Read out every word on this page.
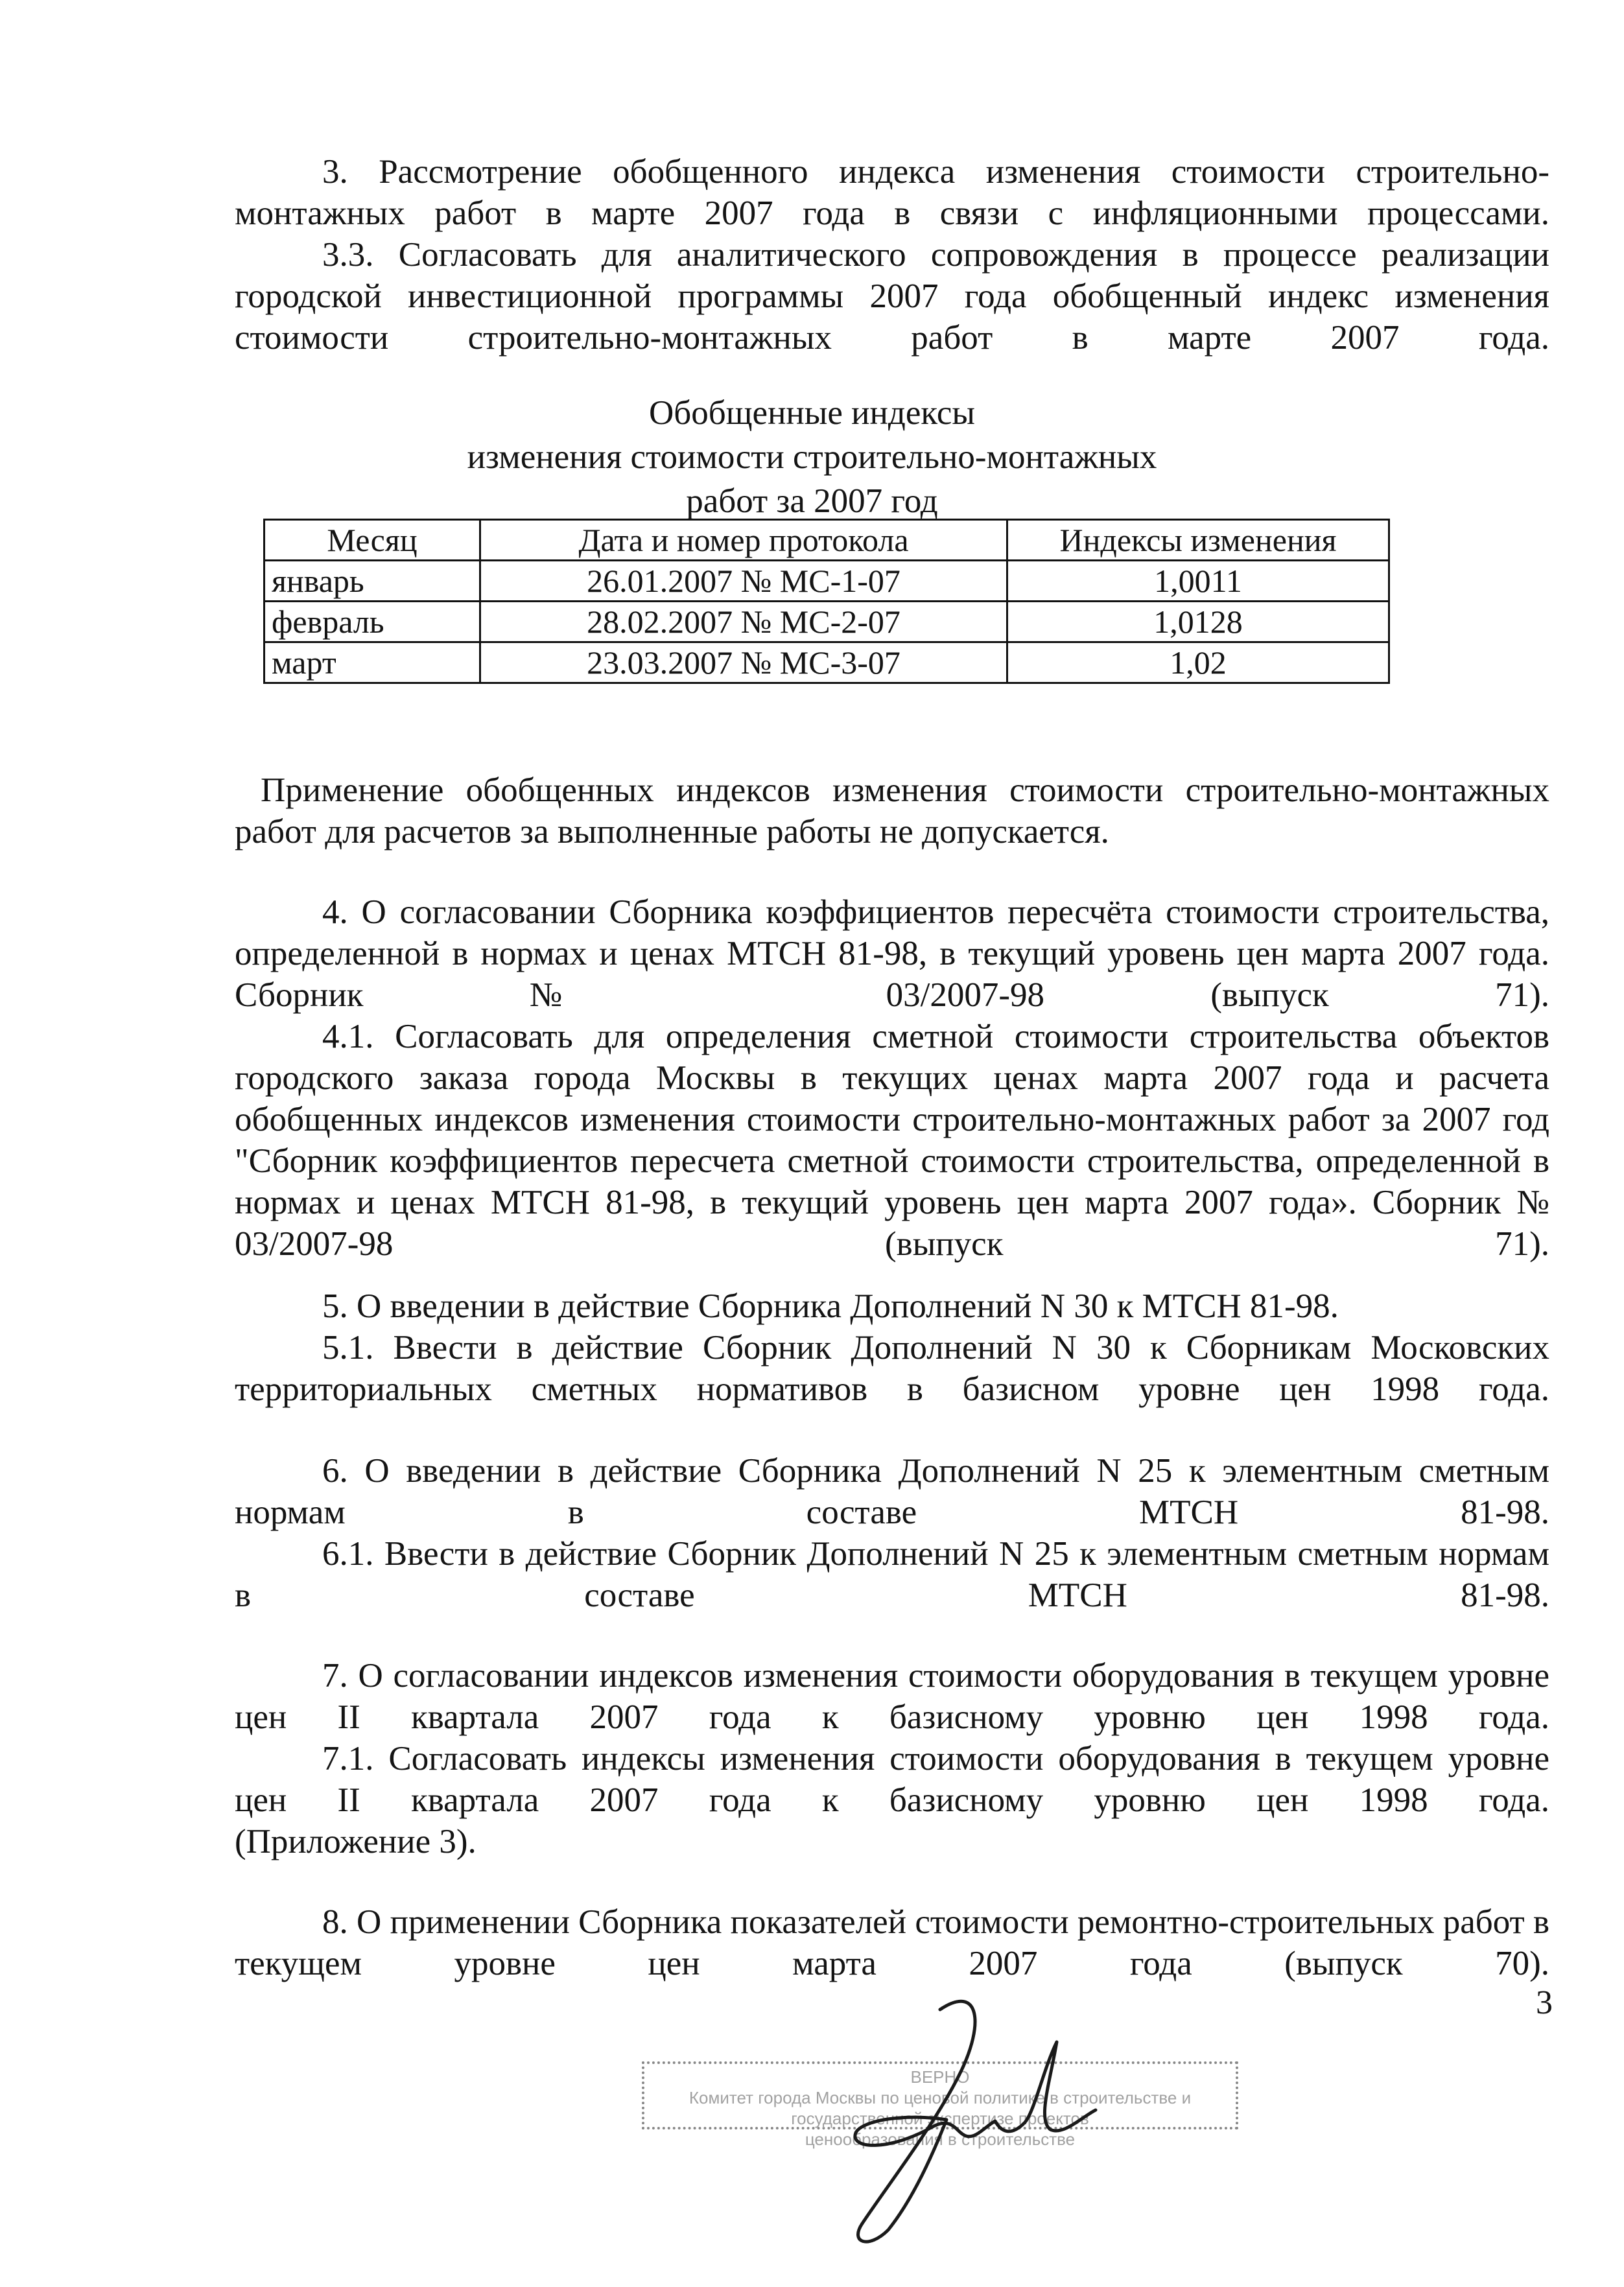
3. Рассмотрение обобщенного индекса изменения стоимости строительно-монтажных работ в марте 2007 года в связи с инфляционными процессами.

3.3. Согласовать для аналитического сопровождения в процессе реализации городской инвестиционной программы 2007 года обобщенный индекс изменения стоимости строительно-монтажных работ в марте 2007 года.

Обобщенные индексы

изменения стоимости строительно-монтажных

работ за 2007 год

Месяц	Дата и номер протокола	Индексы изменения
январь	26.01.2007 № МС-1-07	1,0011
февраль	28.02.2007 № МС-2-07	1,0128
март	23.03.2007 № МС-3-07	1,02

Применение обобщенных индексов изменения стоимости строительно-монтажных работ для расчетов за выполненные работы не допускается.

4. О согласовании Сборника коэффициентов пересчёта стоимости строительства, определенной в нормах и ценах МТСН 81-98, в текущий уровень цен марта 2007 года. Сборник № 03/2007-98 (выпуск 71).

4.1. Согласовать для определения сметной стоимости строительства объектов городского заказа города Москвы в текущих ценах марта 2007 года и расчета обобщенных индексов изменения стоимости строительно-монтажных работ за 2007 год "Сборник коэффициентов пересчета сметной стоимости строительства, определенной в нормах и ценах МТСН 81-98, в текущий уровень цен марта 2007 года». Сборник № 03/2007-98 (выпуск 71).

5. О введении в действие Сборника Дополнений N 30 к МТСН 81-98.

5.1. Ввести в действие Сборник Дополнений N 30 к Сборникам Московских территориальных сметных нормативов в базисном уровне цен 1998 года.

6. О введении в действие Сборника Дополнений N 25 к элементным сметным нормам в составе МТСН 81-98.

6.1. Ввести в действие Сборник Дополнений N 25 к элементным сметным нормам в составе МТСН 81-98.

7. О согласовании индексов изменения стоимости оборудования в текущем уровне цен II квартала 2007 года к базисному уровню цен 1998 года.

7.1. Согласовать индексы изменения стоимости оборудования в текущем уровне цен II квартала 2007 года к базисному уровню цен 1998 года.

(Приложение 3).

8. О применении Сборника показателей стоимости ремонтно-строительных работ в текущем уровне цен марта 2007 года (выпуск 70).

3
ВЕРНО
Комитет города Москвы по ценовой политике в строительстве и государственной экспертизе проектов
ценообразования в строительстве
